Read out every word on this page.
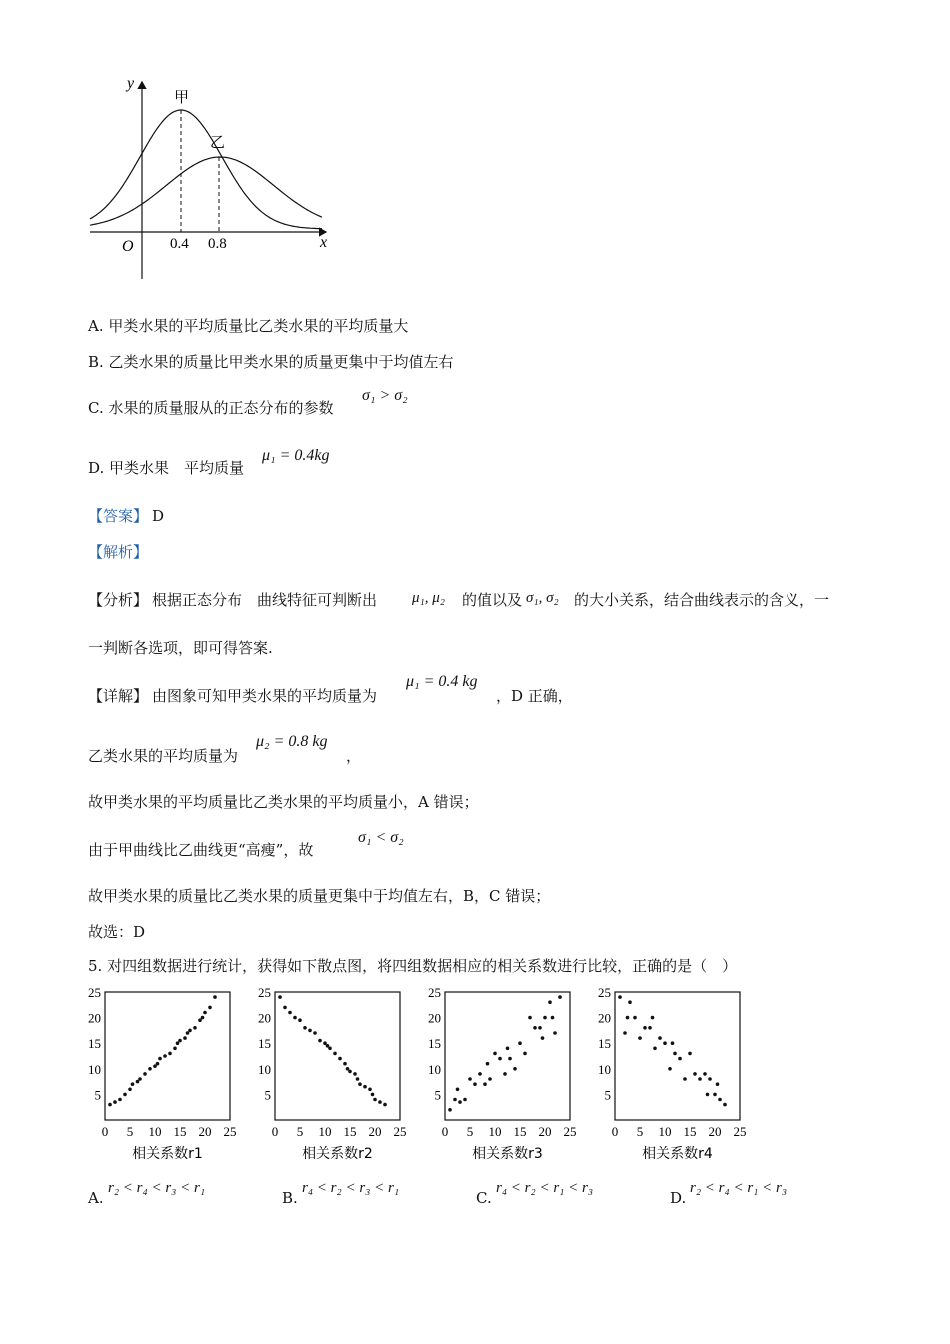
y
x
O
甲
乙
0.4 0.8
A. 甲类水果的平均质量比乙类水果的平均质量大
B. 乙类水果的质量比甲类水果的质量更集中于均值左右
C. 水果的质量服从的正态分布的参数
σ₁ > σ₂
D. 甲类水果　平均质量
μ₁ = 0.4kg
【答案】 D
【解析】
【分析】 根据正态分布　曲线特征可判断出 μ₁, μ₂ 的值以及 σ₁, σ₂ 的大小关系，结合曲线表示的含义，一
一判断各选项，即可得答案.
【详解】 由图象可知甲类水果的平均质量为
μ₁ = 0.4 kg
，D 正确，
乙类水果的平均质量为
μ₂ = 0.8 kg
，
故甲类水果的平均质量比乙类水果的平均质量小，A 错误；
由于甲曲线比乙曲线更“高瘦”，故
σ₁ < σ₂
故甲类水果的质量比乙类水果的质量更集中于均值左右，B，C 错误；
故选：D
5. 对四组数据进行统计，获得如下散点图，将四组数据相应的相关系数进行比较，正确的是（　）
5
10
15
20
25
0 5 10 15 20 25
相关系数r1
5
10
15
20
25
0 5 10 15 20 25
相关系数r2
5
10
15
20
25
0 5 10 15 20 25
相关系数r3
5
10
15
20
25
0 5 10 15 20 25
相关系数r4
A.
r₂ < r₄ < r₃ < r₁
B.
r₄ < r₂ < r₃ < r₁
C.
r₄ < r₂ < r₁ < r₃
D.
r₂ < r₄ < r₁ < r₃
